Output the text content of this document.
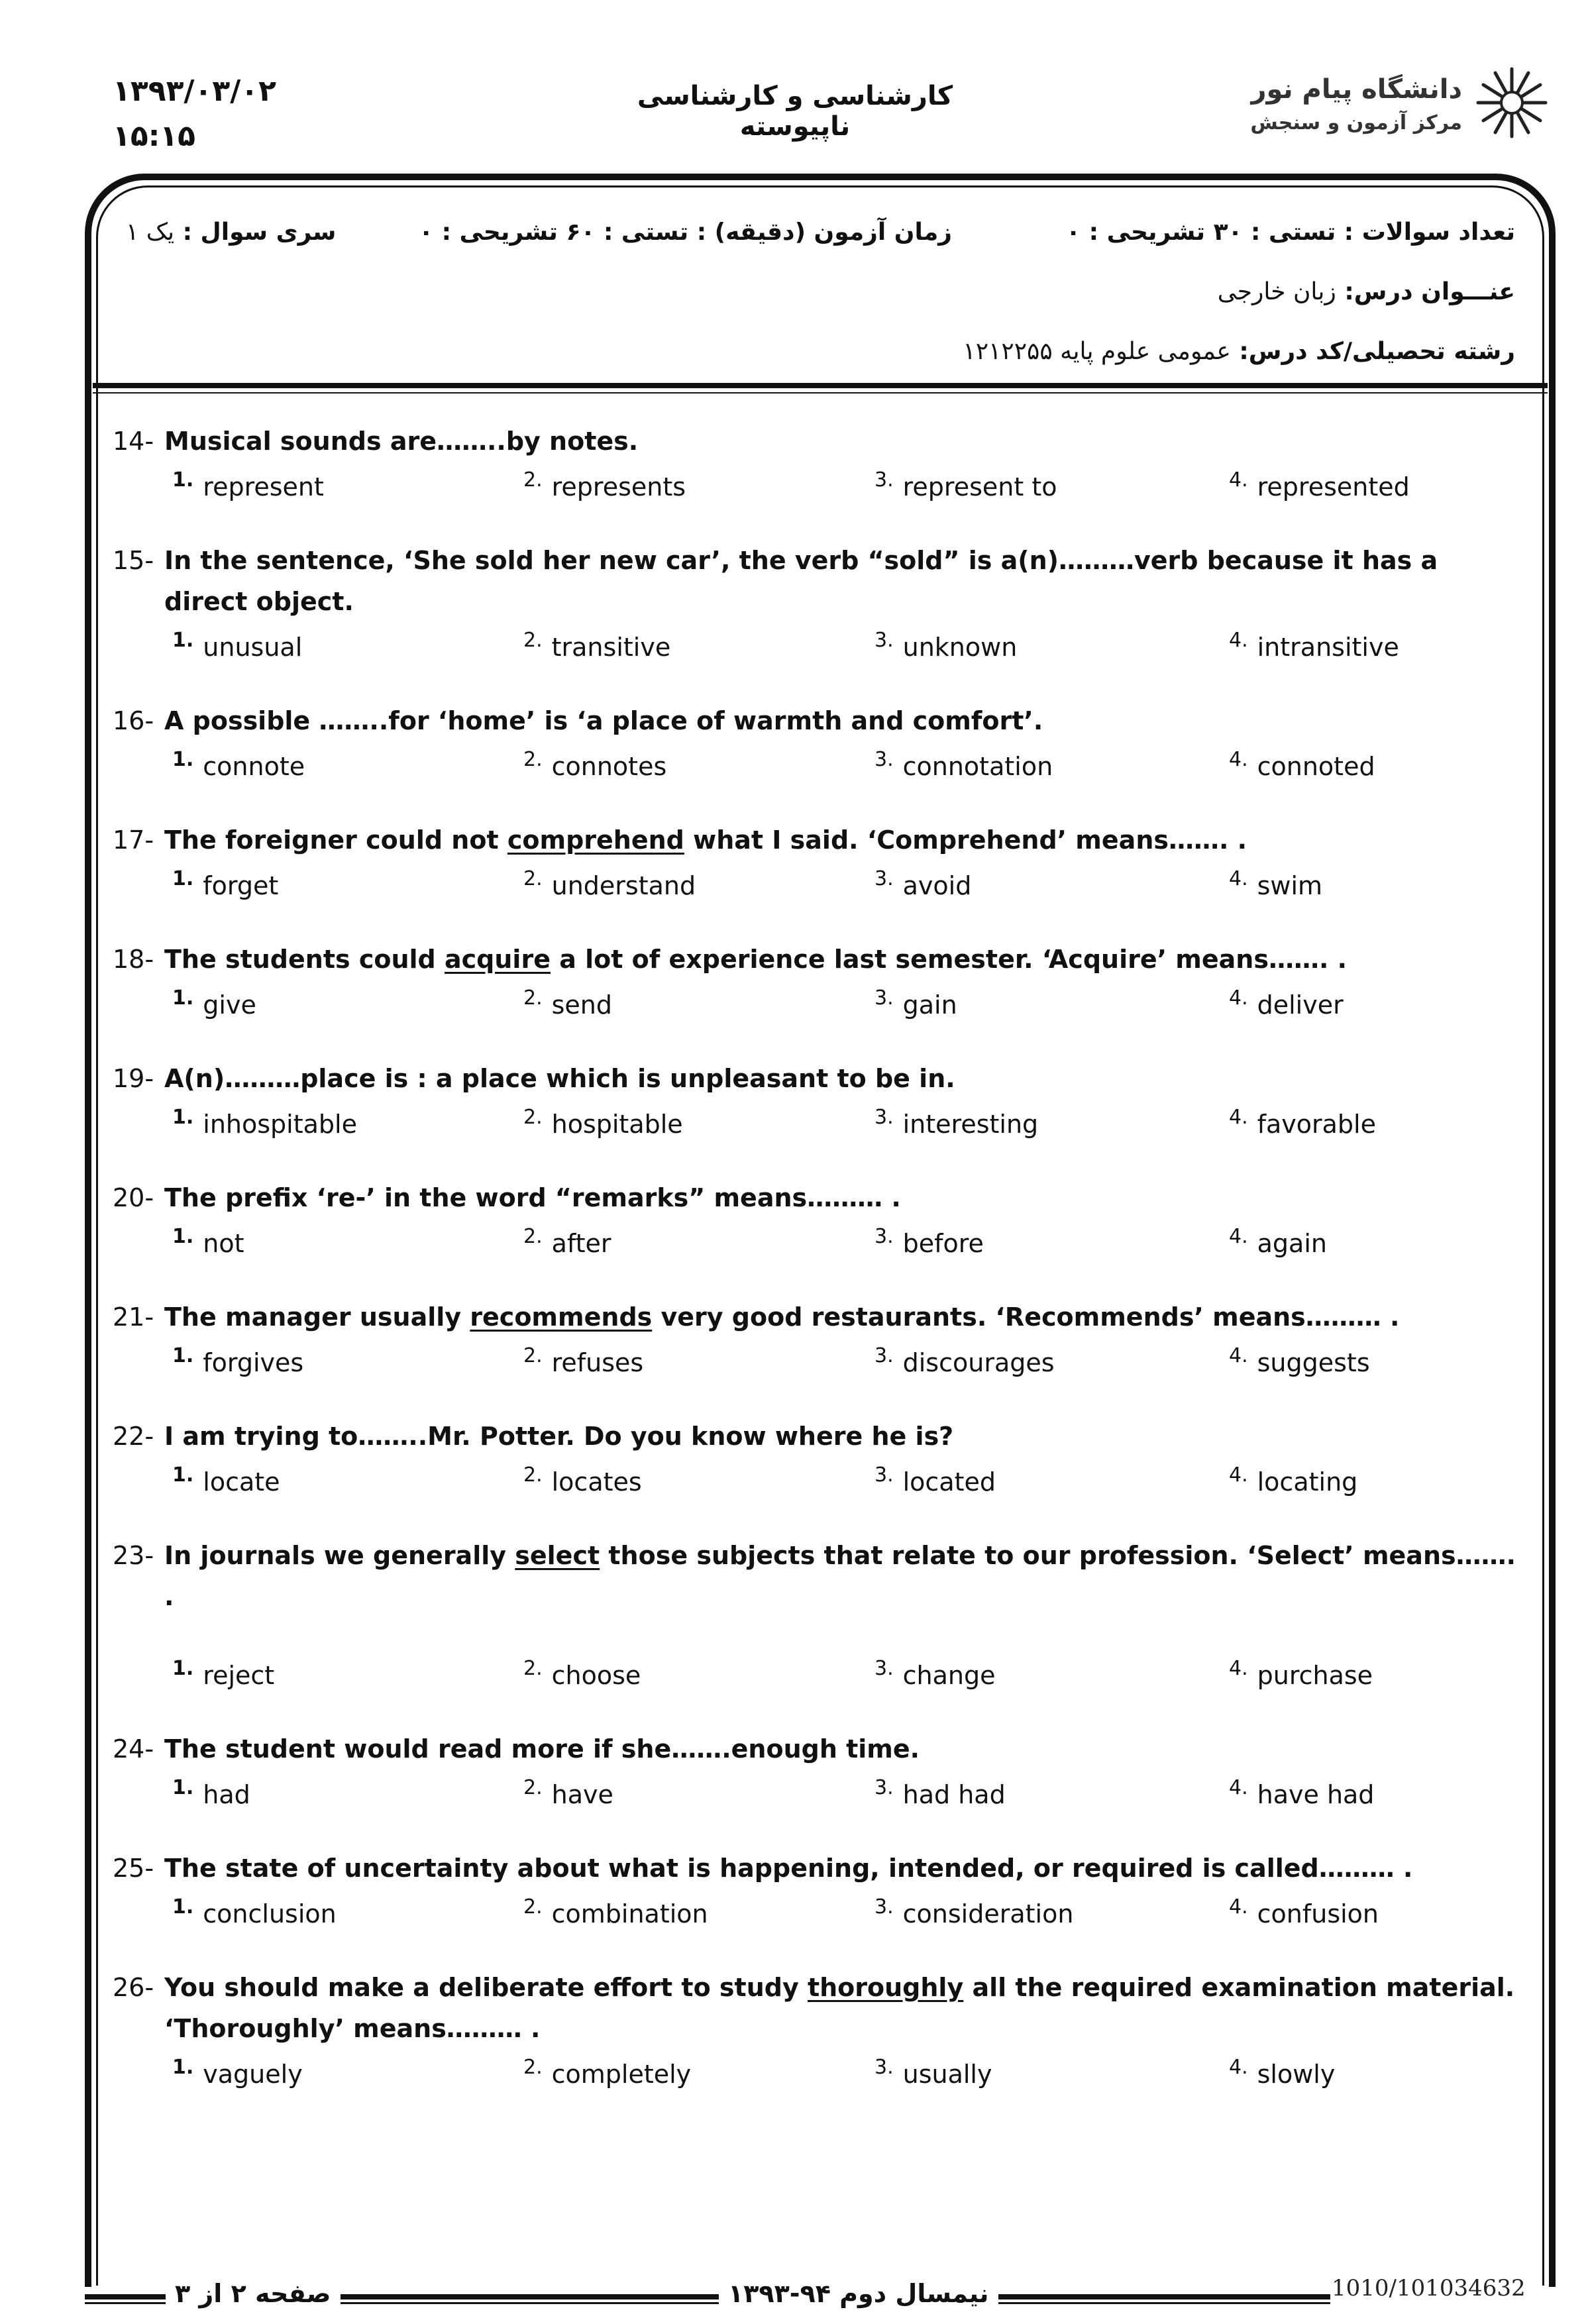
۱۳۹۳/۰۳/۰۲
۱۵:۱۵
کارشناسی و کارشناسی ناپیوسته
دانشگاه پیام نور
مرکز آزمون و سنجش
تعداد سوالات : تستی : ۳۰ تشریحی : ۰
زمان آزمون (دقیقه) : تستی : ۶۰ تشریحی : ۰
سری سوال : یک ۱
عنـــوان درس: زبان خارجی
رشته تحصیلی/کد درس: عمومی علوم پایه ۱۲۱۲۲۵۵
14- Musical sounds are……..by notes.
$^{1.}$ represent	$^{2.}$ represents	$^{3.}$ represent to	$^{4.}$ represented
15- In the sentence, ‘She sold her new car’, the verb “sold” is a(n)………verb because it has a direct object.
$^{1.}$ unusual	$^{2.}$ transitive	$^{3.}$ unknown	$^{4.}$ intransitive
16- A possible ……..for ‘home’ is ‘a place of warmth and comfort’.
$^{1.}$ connote	$^{2.}$ connotes	$^{3.}$ connotation	$^{4.}$ connoted
17- The foreigner could not comprehend what I said. ‘Comprehend’ means……. .
$^{1.}$ forget	$^{2.}$ understand	$^{3.}$ avoid	$^{4.}$ swim
18- The students could acquire a lot of experience last semester. ‘Acquire’ means……. .
$^{1.}$ give	$^{2.}$ send	$^{3.}$ gain	$^{4.}$ deliver
19- A(n)………place is : a place which is unpleasant to be in.
$^{1.}$ inhospitable	$^{2.}$ hospitable	$^{3.}$ interesting	$^{4.}$ favorable
20- The prefix ‘re-’ in the word “remarks” means……… .
$^{1.}$ not	$^{2.}$ after	$^{3.}$ before	$^{4.}$ again
21- The manager usually recommends very good restaurants. ‘Recommends’ means……… .
$^{1.}$ forgives	$^{2.}$ refuses	$^{3.}$ discourages	$^{4.}$ suggests
22- I am trying to……..Mr. Potter. Do you know where he is?
$^{1.}$ locate	$^{2.}$ locates	$^{3.}$ located	$^{4.}$ locating
23- In journals we generally select those subjects that relate to our profession. ‘Select’ means……. .
$^{1.}$ reject	$^{2.}$ choose	$^{3.}$ change	$^{4.}$ purchase
24- The student would read more if she…….enough time.
$^{1.}$ had	$^{2.}$ have	$^{3.}$ had had	$^{4.}$ have had
25- The state of uncertainty about what is happening, intended, or required is called……… .
$^{1.}$ conclusion	$^{2.}$ combination	$^{3.}$ consideration	$^{4.}$ confusion
26- You should make a deliberate effort to study thoroughly all the required examination material. ‘Thoroughly’ means……… .
$^{1.}$ vaguely	$^{2.}$ completely	$^{3.}$ usually	$^{4.}$ slowly
صفحه ۲ از ۳	نیمسال دوم ۹۴-۱۳۹۳	1010/101034632
